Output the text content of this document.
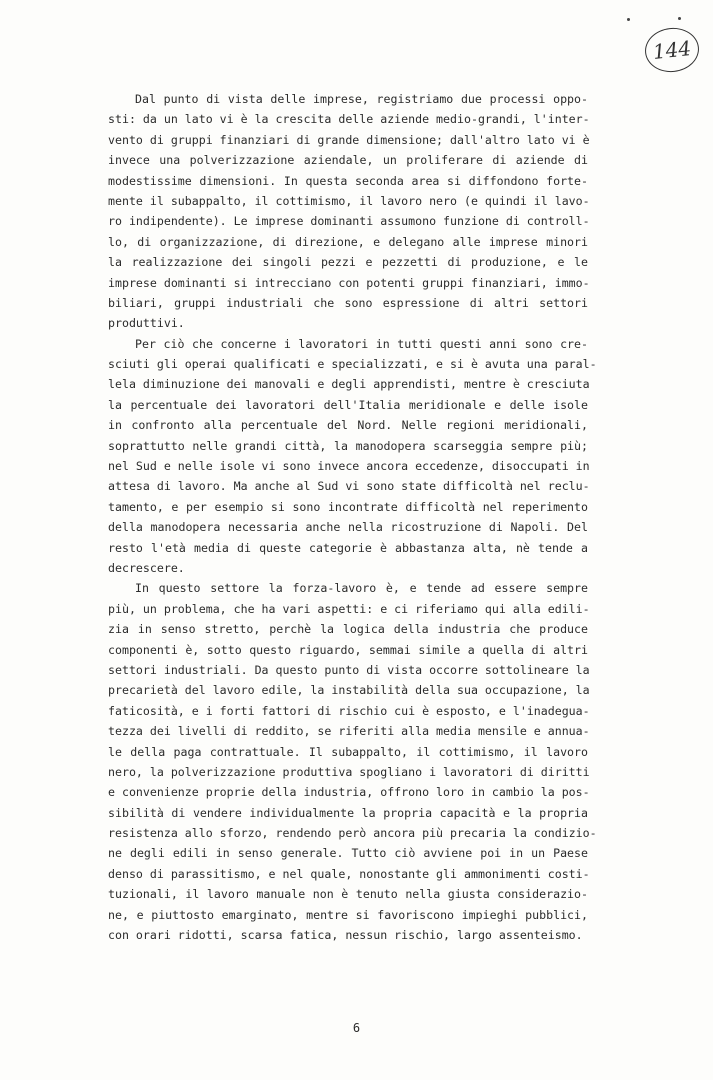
144
Dal punto di vista delle imprese, registriamo due processi oppo-
sti: da un lato vi è la crescita delle aziende medio-grandi, l'inter-
vento di gruppi finanziari di grande dimensione; dall'altro lato vi è
invece una polverizzazione aziendale, un proliferare di aziende di
modestissime dimensioni. In questa seconda area si diffondono forte-
mente il subappalto, il cottimismo, il lavoro nero (e quindi il lavo-
ro indipendente). Le imprese dominanti assumono funzione di controll-
lo, di organizzazione, di direzione, e delegano alle imprese minori
la realizzazione dei singoli pezzi e pezzetti di produzione, e le
imprese dominanti si intrecciano con potenti gruppi finanziari, immo-
biliari, gruppi industriali che sono espressione di altri settori
produttivi.
Per ciò che concerne i lavoratori in tutti questi anni sono cre-
sciuti gli operai qualificati e specializzati, e si è avuta una paral-
lela diminuzione dei manovali e degli apprendisti, mentre è cresciuta
la percentuale dei lavoratori dell'Italia meridionale e delle isole
in confronto alla percentuale del Nord. Nelle regioni meridionali,
soprattutto nelle grandi città, la manodopera scarseggia sempre più;
nel Sud e nelle isole vi sono invece ancora eccedenze, disoccupati in
attesa di lavoro. Ma anche al Sud vi sono state difficoltà nel reclu-
tamento, e per esempio si sono incontrate difficoltà nel reperimento
della manodopera necessaria anche nella ricostruzione di Napoli. Del
resto l'età media di queste categorie è abbastanza alta, nè tende a
decrescere.
In questo settore la forza-lavoro è, e tende ad essere sempre
più, un problema, che ha vari aspetti: e ci riferiamo qui alla edili-
zia in senso stretto, perchè la logica della industria che produce
componenti è, sotto questo riguardo, semmai simile a quella di altri
settori industriali. Da questo punto di vista occorre sottolineare la
precarietà del lavoro edile, la instabilità della sua occupazione, la
faticosità, e i forti fattori di rischio cui è esposto, e l'inadegua-
tezza dei livelli di reddito, se riferiti alla media mensile e annua-
le della paga contrattuale. Il subappalto, il cottimismo, il lavoro
nero, la polverizzazione produttiva spogliano i lavoratori di diritti
e convenienze proprie della industria, offrono loro in cambio la pos-
sibilità di vendere individualmente la propria capacità e la propria
resistenza allo sforzo, rendendo però ancora più precaria la condizio-
ne degli edili in senso generale. Tutto ciò avviene poi in un Paese
denso di parassitismo, e nel quale, nonostante gli ammonimenti costi-
tuzionali, il lavoro manuale non è tenuto nella giusta considerazio-
ne, e piuttosto emarginato, mentre si favoriscono impieghi pubblici,
con orari ridotti, scarsa fatica, nessun rischio, largo assenteismo.
6
